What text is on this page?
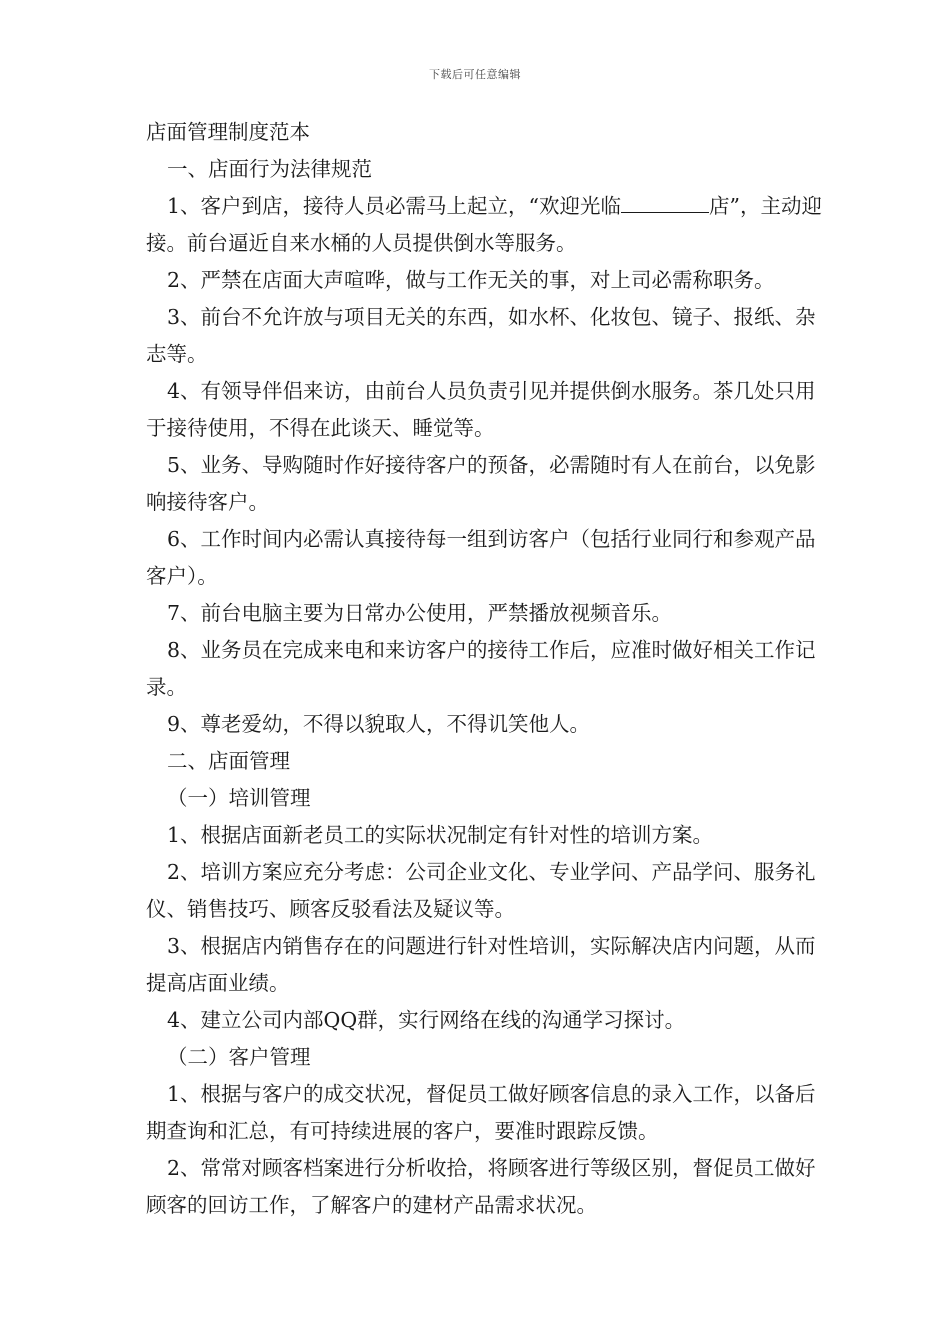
下载后可任意编辑

店面管理制度范本

一、店面行为法律规范

1、客户到店，接待人员必需马上起立，“欢迎光临	店”，主动迎接。前台逼近自来水桶的人员提供倒水等服务。

2、严禁在店面大声喧哗，做与工作无关的事，对上司必需称职务。

3、前台不允许放与项目无关的东西，如水杯、化妆包、镜子、报纸、杂志等。

4、有领导伴侣来访，由前台人员负责引见并提供倒水服务。茶几处只用于接待使用，不得在此谈天、睡觉等。

5、业务、导购随时作好接待客户的预备，必需随时有人在前台，以免影响接待客户。

6、工作时间内必需认真接待每一组到访客户（包括行业同行和参观产品客户）。

7、前台电脑主要为日常办公使用，严禁播放视频音乐。

8、业务员在完成来电和来访客户的接待工作后，应准时做好相关工作记录。

9、尊老爱幼，不得以貌取人，不得讥笑他人。

二、店面管理

（一）培训管理

1、根据店面新老员工的实际状况制定有针对性的培训方案。

2、培训方案应充分考虑：公司企业文化、专业学问、产品学问、服务礼仪、销售技巧、顾客反驳看法及疑议等。

3、根据店内销售存在的问题进行针对性培训，实际解决店内问题，从而提高店面业绩。

4、建立公司内部QQ群，实行网络在线的沟通学习探讨。

（二）客户管理

1、根据与客户的成交状况，督促员工做好顾客信息的录入工作，以备后期查询和汇总，有可持续进展的客户，要准时跟踪反馈。

2、常常对顾客档案进行分析收拾，将顾客进行等级区别，督促员工做好顾客的回访工作，了解客户的建材产品需求状况。
